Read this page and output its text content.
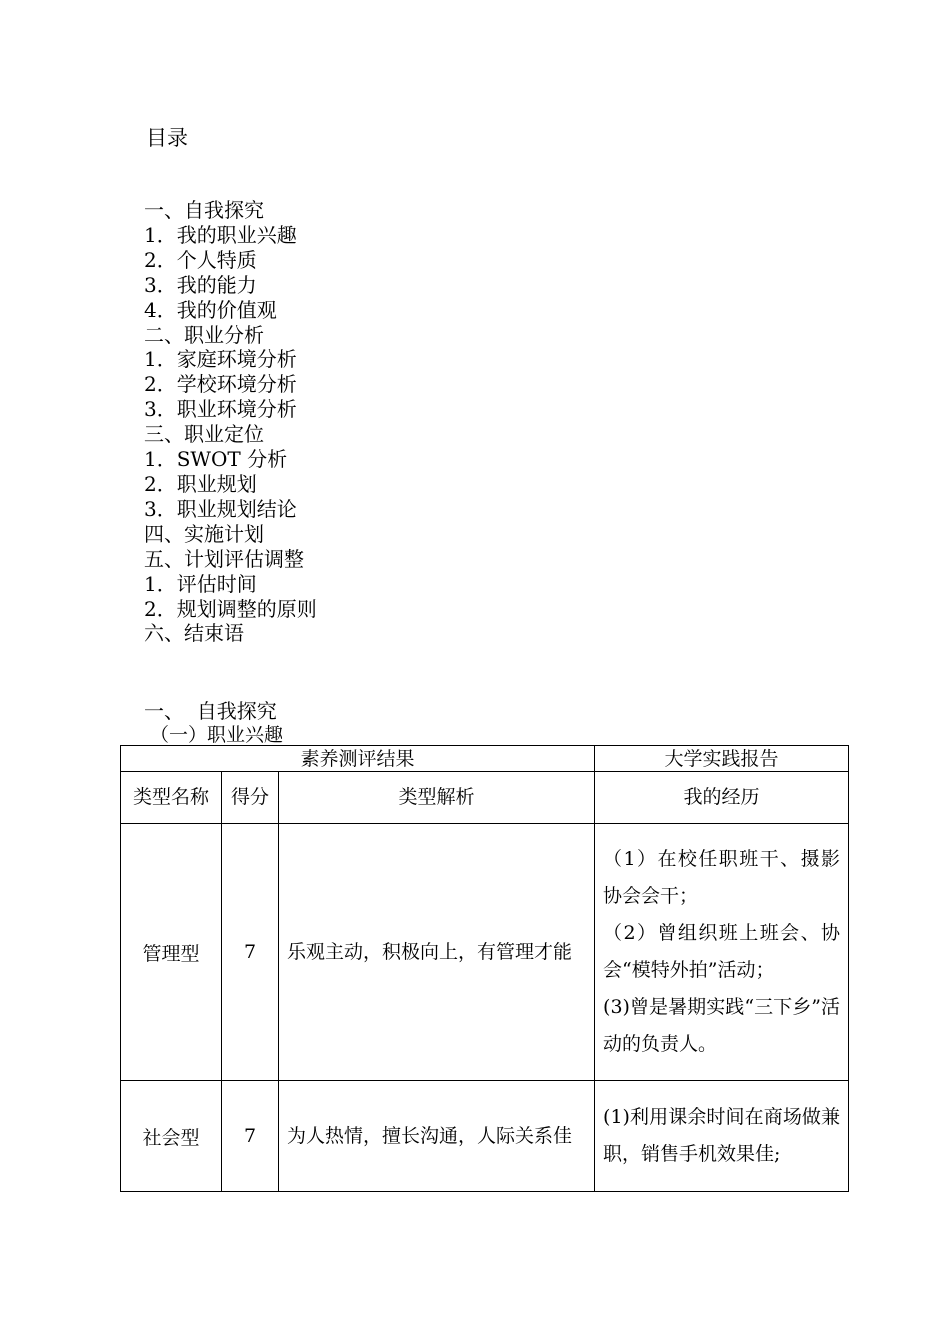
目录
一、自我探究
1．我的职业兴趣
2．个人特质
3．我的能力
4．我的价值观
二、职业分析
1．家庭环境分析
2．学校环境分析
3．职业环境分析
三、职业定位
1．SWOT 分析
2．职业规划
3．职业规划结论
四、实施计划
五、计划评估调整
1．评估时间
2．规划调整的原则
六、结束语
一、  自我探究
（一）职业兴趣
素养测评结果			大学实践报告
类型名称	得分	类型解析	我的经历
管理型	7	乐观主动，积极向上，有管理才能	（1）在校任职班干、摄影协会会干；

（2）曾组织班上班会、协会“模特外拍”活动；

(3)曾是暑期实践“三下乡”活动的负责人。

社会型	7	为人热情，擅长沟通，人际关系佳	(1)利用课余时间在商场做兼职，销售手机效果佳;
